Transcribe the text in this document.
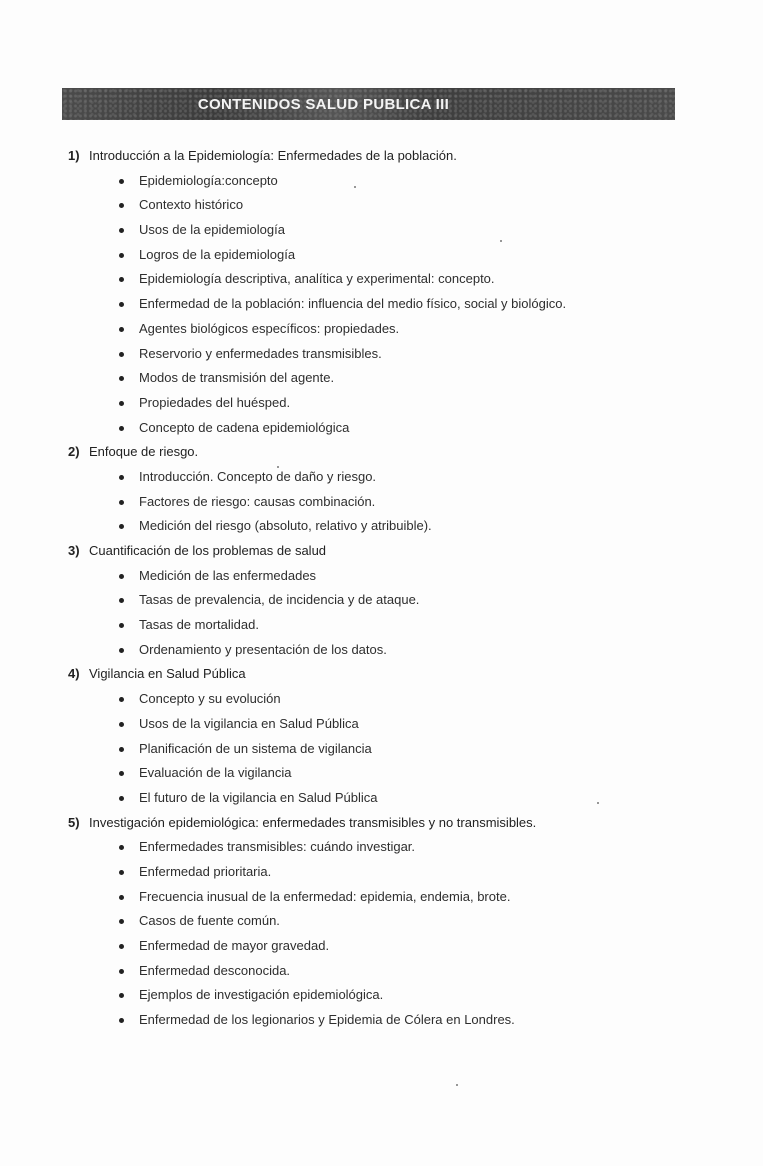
CONTENIDOS SALUD PUBLICA III
1) Introducción a la Epidemiología: Enfermedades de la población.
Epidemiología:concepto
Contexto histórico
Usos de la epidemiología
Logros de la epidemiología
Epidemiología descriptiva, analítica y experimental: concepto.
Enfermedad de la población: influencia del medio físico, social y biológico.
Agentes biológicos específicos: propiedades.
Reservorio y enfermedades transmisibles.
Modos de transmisión del agente.
Propiedades del huésped.
Concepto de cadena epidemiológica
2) Enfoque de riesgo.
Introducción. Concepto de daño y riesgo.
Factores de riesgo: causas combinación.
Medición del riesgo (absoluto, relativo y atribuible).
3) Cuantificación de los problemas de salud
Medición de las enfermedades
Tasas de prevalencia, de incidencia y de ataque.
Tasas de mortalidad.
Ordenamiento y presentación de los datos.
4) Vigilancia en Salud Pública
Concepto y su evolución
Usos de la vigilancia en Salud Pública
Planificación de un sistema de vigilancia
Evaluación de la vigilancia
El futuro de la vigilancia en Salud Pública
5) Investigación epidemiológica: enfermedades transmisibles y no transmisibles.
Enfermedades transmisibles: cuándo investigar.
Enfermedad prioritaria.
Frecuencia inusual de la enfermedad: epidemia, endemia, brote.
Casos de fuente común.
Enfermedad de mayor gravedad.
Enfermedad desconocida.
Ejemplos de investigación epidemiológica.
Enfermedad de los legionarios y Epidemia de Cólera en Londres.
